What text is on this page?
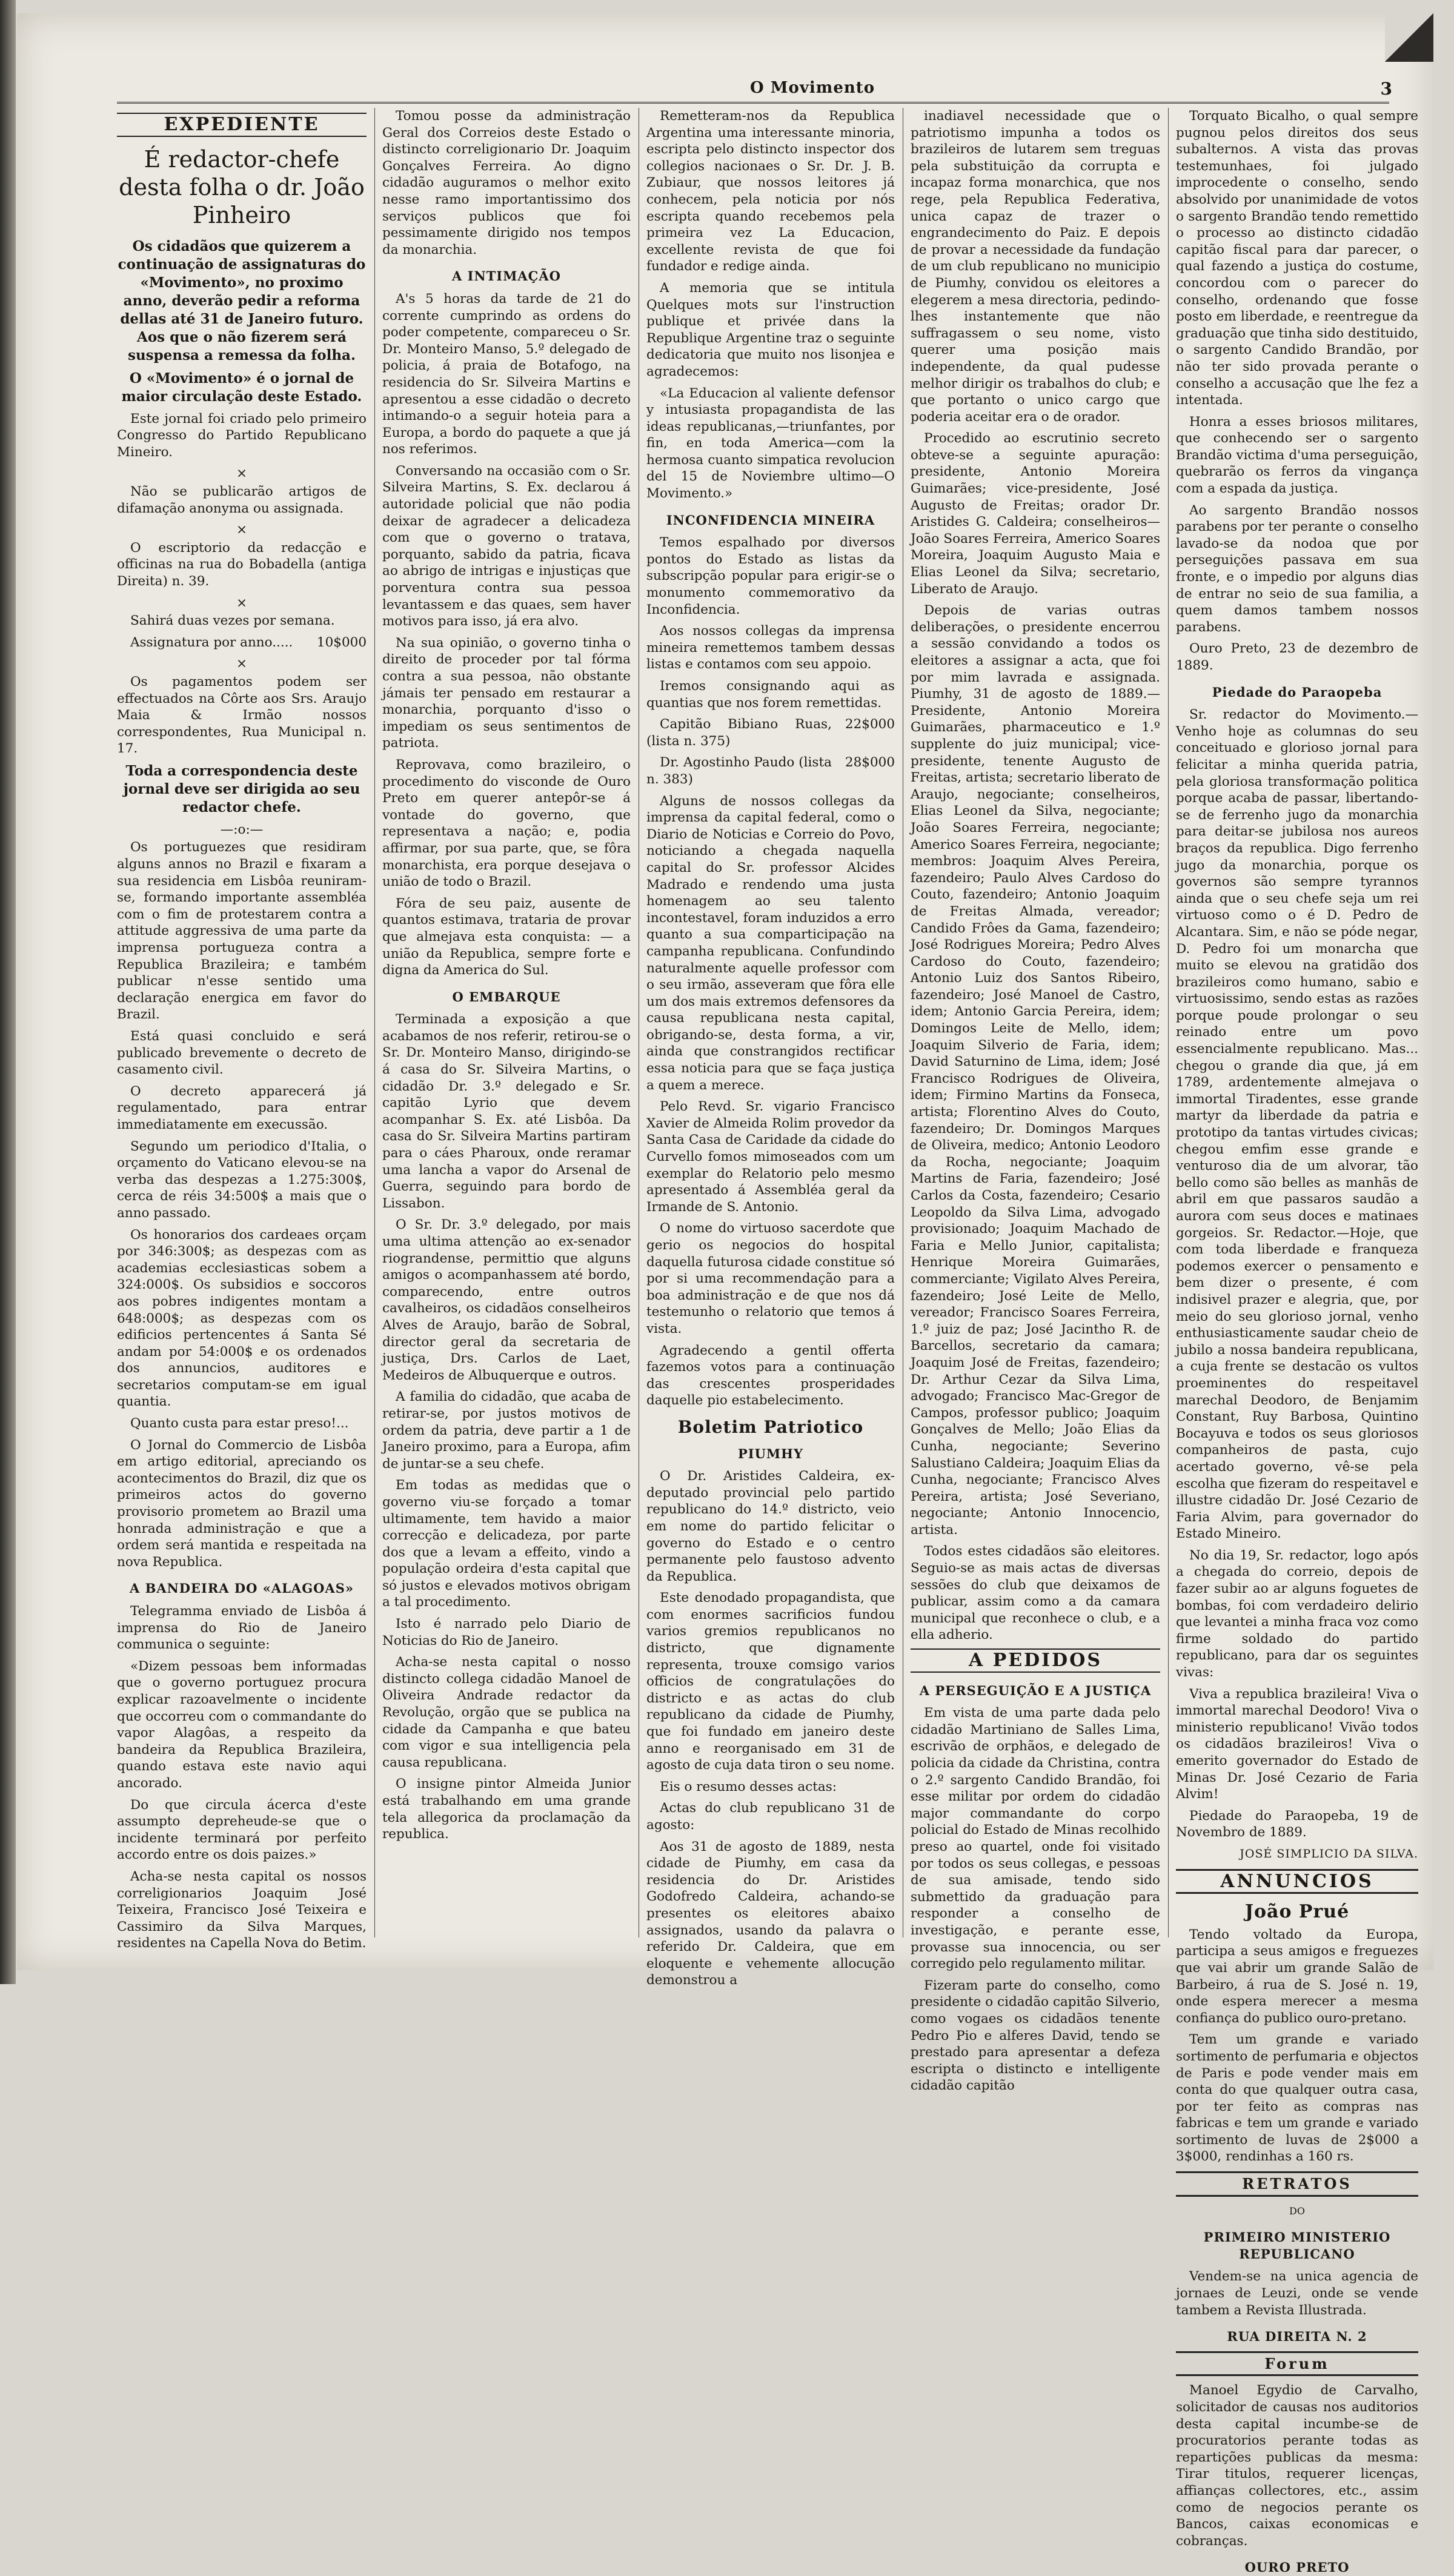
O Movimento	3
EXPEDIENTE
É redactor-chefe desta folha o dr. João Pinheiro

Os cidadãos que quizerem a continuação de assignaturas do «Movimento», no proximo anno, deverão pedir a reforma dellas até 31 de Janeiro futuro. Aos que o não fizerem será suspensa a remessa da folha.

O «Movimento» é o jornal de maior circulação deste Estado.

Este jornal foi criado pelo primeiro Congresso do Partido Republicano Mineiro.

×

Não se publicarão artigos de difamação anonyma ou assignada.

×

O escriptorio da redacção e officinas na rua do Bobadella (antiga Direita) n. 39.

×

Sahirá duas vezes por semana.

Assignatura por anno.....	10$000

×

Os pagamentos podem ser effectuados na Côrte aos Srs. Araujo Maia & Irmão nossos correspondentes, Rua Municipal n. 17.

Toda a correspondencia deste jornal deve ser dirigida ao seu redactor chefe.

—:o:—

Os portuguezes que residiram alguns annos no Brazil e fixaram a sua residencia em Lisbôa reuniram-se, formando importante assembléa com o fim de protestarem contra a attitude aggressiva de uma parte da imprensa portugueza contra a Republica Brazileira; e também publicar n'esse sentido uma declaração energica em favor do Brazil.

Está quasi concluido e será publicado brevemente o decreto de casamento civil.

O decreto apparecerá já regulamentado, para entrar immediatamente em execussão.

Segundo um periodico d'Italia, o orçamento do Vaticano elevou-se na verba das despezas a 1.275:300$, cerca de réis 34:500$ a mais que o anno passado.

Os honorarios dos cardeaes orçam por 346:300$; as despezas com as academias ecclesiasticas sobem a 324:000$. Os subsidios e soccoros aos pobres indigentes montam a 648:000$; as despezas com os edificios pertencentes á Santa Sé andam por 54:000$ e os ordenados dos annuncios, auditores e secretarios computam-se em igual quantia.

Quanto custa para estar preso!...

O Jornal do Commercio de Lisbôa em artigo editorial, apreciando os acontecimentos do Brazil, diz que os primeiros actos do governo provisorio prometem ao Brazil uma honrada administração e que a ordem será mantida e respeitada na nova Republica.

A BANDEIRA DO «ALAGOAS»

Telegramma enviado de Lisbôa á imprensa do Rio de Janeiro communica o seguinte:

«Dizem pessoas bem informadas que o governo portuguez procura explicar razoavelmente o incidente que occorreu com o commandante do vapor Alagôas, a respeito da bandeira da Republica Brazileira, quando estava este navio aqui ancorado.

Do que circula ácerca d'este assumpto depreheude-se que o incidente terminará por perfeito accordo entre os dois paizes.»

Acha-se nesta capital os nossos correligionarios Joaquim José Teixeira, Francisco José Teixeira e Cassimiro da Silva Marques, residentes na Capella Nova do Betim.

Tomou posse da administração Geral dos Correios deste Estado o distincto correligionario Dr. Joaquim Gonçalves Ferreira. Ao digno cidadão auguramos o melhor exito nesse ramo importantissimo dos serviços publicos que foi pessimamente dirigido nos tempos da monarchia.

A INTIMAÇÃO

A's 5 horas da tarde de 21 do corrente cumprindo as ordens do poder competente, compareceu o Sr. Dr. Monteiro Manso, 5.º delegado de policia, á praia de Botafogo, na residencia do Sr. Silveira Martins e apresentou a esse cidadão o decreto intimando-o a seguir hoteia para a Europa, a bordo do paquete a que já nos referimos.

Conversando na occasião com o Sr. Silveira Martins, S. Ex. declarou á autoridade policial que não podia deixar de agradecer a delicadeza com que o governo o tratava, porquanto, sabido da patria, ficava ao abrigo de intrigas e injustiças que porventura contra sua pessoa levantassem e das quaes, sem haver motivos para isso, já era alvo.

Na sua opinião, o governo tinha o direito de proceder por tal fórma contra a sua pessoa, não obstante jámais ter pensado em restaurar a monarchia, porquanto d'isso o impediam os seus sentimentos de patriota.

Reprovava, como brazileiro, o procedimento do visconde de Ouro Preto em querer antepôr-se á vontade do governo, que representava a nação; e, podia affirmar, por sua parte, que, se fôra monarchista, era porque desejava o união de todo o Brazil.

Fóra de seu paiz, ausente de quantos estimava, trataria de provar que almejava esta conquista: — a união da Republica, sempre forte e digna da America do Sul.

O EMBARQUE

Terminada a exposição a que acabamos de nos referir, retirou-se o Sr. Dr. Monteiro Manso, dirigindo-se á casa do Sr. Silveira Martins, o cidadão Dr. 3.º delegado e Sr. capitão Lyrio que devem acompanhar S. Ex. até Lisbôa. Da casa do Sr. Silveira Martins partiram para o cáes Pharoux, onde reramar uma lancha a vapor do Arsenal de Guerra, seguindo para bordo de Lissabon.

O Sr. Dr. 3.º delegado, por mais uma ultima attenção ao ex-senador riograndense, permittio que alguns amigos o acompanhassem até bordo, comparecendo, entre outros cavalheiros, os cidadãos conselheiros Alves de Araujo, barão de Sobral, director geral da secretaria de justiça, Drs. Carlos de Laet, Medeiros de Albuquerque e outros.

A familia do cidadão, que acaba de retirar-se, por justos motivos de ordem da patria, deve partir a 1 de Janeiro proximo, para a Europa, afim de juntar-se a seu chefe.

Em todas as medidas que o governo viu-se forçado a tomar ultimamente, tem havido a maior correcção e delicadeza, por parte dos que a levam a effeito, vindo a população ordeira d'esta capital que só justos e elevados motivos obrigam a tal procedimento.

Isto é narrado pelo Diario de Noticias do Rio de Janeiro.

Acha-se nesta capital o nosso distincto collega cidadão Manoel de Oliveira Andrade redactor da Revolução, orgão que se publica na cidade da Campanha e que bateu com vigor e sua intelligencia pela causa republicana.

O insigne pintor Almeida Junior está trabalhando em uma grande tela allegorica da proclamação da republica.

Remetteram-nos da Republica Argentina uma interessante minoria, escripta pelo distincto inspector dos collegios nacionaes o Sr. Dr. J. B. Zubiaur, que nossos leitores já conhecem, pela noticia por nós escripta quando recebemos pela primeira vez La Educacion, excellente revista de que foi fundador e redige ainda.

A memoria que se intitula Quelques mots sur l'instruction publique et privée dans la Republique Argentine traz o seguinte dedicatoria que muito nos lisonjea e agradecemos:

«La Educacion al valiente defensor y intusiasta propagandista de las ideas republicanas,—triunfantes, por fin, en toda America—com la hermosa cuanto simpatica revolucion del 15 de Noviembre ultimo—O Movimento.»

INCONFIDENCIA MINEIRA

Temos espalhado por diversos pontos do Estado as listas da subscripção popular para erigir-se o monumento commemorativo da Inconfidencia.

Aos nossos collegas da imprensa mineira remettemos tambem dessas listas e contamos com seu appoio.

Iremos consignando aqui as quantias que nos forem remettidas.

Capitão Bibiano Ruas, (lista n. 375)
22$000

Dr. Agostinho Paudo (lista n. 383)
28$000

Alguns de nossos collegas da imprensa da capital federal, como o Diario de Noticias e Correio do Povo, noticiando a chegada naquella capital do Sr. professor Alcides Madrado e rendendo uma justa homenagem ao seu talento incontestavel, foram induzidos a erro quanto a sua comparticipação na campanha republicana. Confundindo naturalmente aquelle professor com o seu irmão, asseveram que fôra elle um dos mais extremos defensores da causa republicana nesta capital, obrigando-se, desta forma, a vir, ainda que constrangidos rectificar essa noticia para que se faça justiça a quem a merece.

Pelo Revd. Sr. vigario Francisco Xavier de Almeida Rolim provedor da Santa Casa de Caridade da cidade do Curvello fomos mimoseados com um exemplar do Relatorio pelo mesmo apresentado á Assembléa geral da Irmande de S. Antonio.

O nome do virtuoso sacerdote que gerio os negocios do hospital daquella futurosa cidade constitue só por si uma recommendação para a boa administração e de que nos dá testemunho o relatorio que temos á vista.

Agradecendo a gentil offerta fazemos votos para a continuação das crescentes prosperidades daquelle pio estabelecimento.

Boletim Patriotico
PIUMHY

O Dr. Aristides Caldeira, ex-deputado provincial pelo partido republicano do 14.º districto, veio em nome do partido felicitar o governo do Estado e o centro permanente pelo faustoso advento da Republica.

Este denodado propagandista, que com enormes sacrificios fundou varios gremios republicanos no districto, que dignamente representa, trouxe comsigo varios officios de congratulações do districto e as actas do club republicano da cidade de Piumhy, que foi fundado em janeiro deste anno e reorganisado em 31 de agosto de cuja data tiron o seu nome.

Eis o resumo desses actas:

Actas do club republicano 31 de agosto:

Aos 31 de agosto de 1889, nesta cidade de Piumhy, em casa da residencia do Dr. Aristides Godofredo Caldeira, achando-se presentes os eleitores abaixo assignados, usando da palavra o referido Dr. Caldeira, que em eloquente e vehemente allocução demonstrou a

inadiavel necessidade que o patriotismo impunha a todos os brazileiros de lutarem sem treguas pela substituição da corrupta e incapaz forma monarchica, que nos rege, pela Republica Federativa, unica capaz de trazer o engrandecimento do Paiz. E depois de provar a necessidade da fundação de um club republicano no municipio de Piumhy, convidou os eleitores a elegerem a mesa directoria, pedindo-lhes instantemente que não suffragassem o seu nome, visto querer uma posição mais independente, da qual pudesse melhor dirigir os trabalhos do club; e que portanto o unico cargo que poderia aceitar era o de orador.

Procedido ao escrutinio secreto obteve-se a seguinte apuração: presidente, Antonio Moreira Guimarães; vice-presidente, José Augusto de Freitas; orador Dr. Aristides G. Caldeira; conselheiros—João Soares Ferreira, Americo Soares Moreira, Joaquim Augusto Maia e Elias Leonel da Silva; secretario, Liberato de Araujo.

Depois de varias outras deliberações, o presidente encerrou a sessão convidando a todos os eleitores a assignar a acta, que foi por mim lavrada e assignada. Piumhy, 31 de agosto de 1889.—Presidente, Antonio Moreira Guimarães, pharmaceutico e 1.º supplente do juiz municipal; vice-presidente, tenente Augusto de Freitas, artista; secretario liberato de Araujo, negociante; conselheiros, Elias Leonel da Silva, negociante; João Soares Ferreira, negociante; Americo Soares Ferreira, negociante; membros: Joaquim Alves Pereira, fazendeiro; Paulo Alves Cardoso do Couto, fazendeiro; Antonio Joaquim de Freitas Almada, vereador; Candido Frôes da Gama, fazendeiro; José Rodrigues Moreira; Pedro Alves Cardoso do Couto, fazendeiro; Antonio Luiz dos Santos Ribeiro, fazendeiro; José Manoel de Castro, idem; Antonio Garcia Pereira, idem; Domingos Leite de Mello, idem; Joaquim Silverio de Faria, idem; David Saturnino de Lima, idem; José Francisco Rodrigues de Oliveira, idem; Firmino Martins da Fonseca, artista; Florentino Alves do Couto, fazendeiro; Dr. Domingos Marques de Oliveira, medico; Antonio Leodoro da Rocha, negociante; Joaquim Martins de Faria, fazendeiro; José Carlos da Costa, fazendeiro; Cesario Leopoldo da Silva Lima, advogado provisionado; Joaquim Machado de Faria e Mello Junior, capitalista; Henrique Moreira Guimarães, commerciante; Vigilato Alves Pereira, fazendeiro; José Leite de Mello, vereador; Francisco Soares Ferreira, 1.º juiz de paz; José Jacintho R. de Barcellos, secretario da camara; Joaquim José de Freitas, fazendeiro; Dr. Arthur Cezar da Silva Lima, advogado; Francisco Mac-Gregor de Campos, professor publico; Joaquim Gonçalves de Mello; João Elias da Cunha, negociante; Severino Salustiano Caldeira; Joaquim Elias da Cunha, negociante; Francisco Alves Pereira, artista; José Severiano, negociante; Antonio Innocencio, artista.

Todos estes cidadãos são eleitores. Seguio-se as mais actas de diversas sessões do club que deixamos de publicar, assim como a da camara municipal que reconhece o club, e a ella adherio.

A PEDIDOS
A PERSEGUIÇÃO E A JUSTIÇA

Em vista de uma parte dada pelo cidadão Martiniano de Salles Lima, escrivão de orphãos, e delegado de policia da cidade da Christina, contra o 2.º sargento Candido Brandão, foi esse militar por ordem do cidadão major commandante do corpo policial do Estado de Minas recolhido preso ao quartel, onde foi visitado por todos os seus collegas, e pessoas de sua amisade, tendo sido submettido da graduação para responder a conselho de investigação, e perante esse, provasse sua innocencia, ou ser corregido pelo regulamento militar.

Fizeram parte do conselho, como presidente o cidadão capitão Silverio, como vogaes os cidadãos tenente Pedro Pio e alferes David, tendo se prestado para apresentar a defeza escripta o distincto e intelligente cidadão capitão

Torquato Bicalho, o qual sempre pugnou pelos direitos dos seus subalternos. A vista das provas testemunhaes, foi julgado improcedente o conselho, sendo absolvido por unanimidade de votos o sargento Brandão tendo remettido o processo ao distincto cidadão capitão fiscal para dar parecer, o qual fazendo a justiça do costume, concordou com o parecer do conselho, ordenando que fosse posto em liberdade, e reentregue da graduação que tinha sido destituido, o sargento Candido Brandão, por não ter sido provada perante o conselho a accusação que lhe fez a intentada.

Honra a esses briosos militares, que conhecendo ser o sargento Brandão victima d'uma perseguição, quebrarão os ferros da vingança com a espada da justiça.

Ao sargento Brandão nossos parabens por ter perante o conselho lavado-se da nodoa que por perseguições passava em sua fronte, e o impedio por alguns dias de entrar no seio de sua familia, a quem damos tambem nossos parabens.

Ouro Preto, 23 de dezembro de 1889.

Piedade do Paraopeba

Sr. redactor do Movimento.—Venho hoje as columnas do seu conceituado e glorioso jornal para felicitar a minha querida patria, pela gloriosa transformação politica porque acaba de passar, libertando-se de ferrenho jugo da monarchia para deitar-se jubilosa nos aureos braços da republica. Digo ferrenho jugo da monarchia, porque os governos são sempre tyrannos ainda que o seu chefe seja um rei virtuoso como o é D. Pedro de Alcantara. Sim, e não se póde negar, D. Pedro foi um monarcha que muito se elevou na gratidão dos brazileiros como humano, sabio e virtuosissimo, sendo estas as razões porque poude prolongar o seu reinado entre um povo essencialmente republicano. Mas... chegou o grande dia que, já em 1789, ardentemente almejava o immortal Tiradentes, esse grande martyr da liberdade da patria e prototipo da tantas virtudes civicas; chegou emfim esse grande e venturoso dia de um alvorar, tão bello como são belles as manhãs de abril em que passaros saudão a aurora com seus doces e matinaes gorgeios. Sr. Redactor.—Hoje, que com toda liberdade e franqueza podemos exercer o pensamento e bem dizer o presente, é com indisivel prazer e alegria, que, por meio do seu glorioso jornal, venho enthusiasticamente saudar cheio de jubilo a nossa bandeira republicana, a cuja frente se destacão os vultos proeminentes do respeitavel marechal Deodoro, de Benjamim Constant, Ruy Barbosa, Quintino Bocayuva e todos os seus gloriosos companheiros de pasta, cujo acertado governo, vê-se pela escolha que fizeram do respeitavel e illustre cidadão Dr. José Cezario de Faria Alvim, para governador do Estado Mineiro.

No dia 19, Sr. redactor, logo após a chegada do correio, depois de fazer subir ao ar alguns foguetes de bombas, foi com verdadeiro delirio que levantei a minha fraca voz como firme soldado do partido republicano, para dar os seguintes vivas:

Viva a republica brazileira! Viva o immortal marechal Deodoro! Viva o ministerio republicano! Vivão todos os cidadãos brazileiros! Viva o emerito governador do Estado de Minas Dr. José Cezario de Faria Alvim!

Piedade do Paraopeba, 19 de Novembro de 1889.

JOSÉ SIMPLICIO DA SILVA.

ANNUNCIOS
João Prué

Tendo voltado da Europa, participa a seus amigos e freguezes que vai abrir um grande Salão de Barbeiro, á rua de S. José n. 19, onde espera merecer a mesma confiança do publico ouro-pretano.

Tem um grande e variado sortimento de perfumaria e objectos de Paris e pode vender mais em conta do que qualquer outra casa, por ter feito as compras nas fabricas e tem um grande e variado sortimento de luvas de 2$000 a 3$000, rendinhas a 160 rs.

RETRATOS
DO
PRIMEIRO MINISTERIO REPUBLICANO

Vendem-se na unica agencia de jornaes de Leuzi, onde se vende tambem a Revista Illustrada.

RUA DIREITA N. 2
Forum

Manoel Egydio de Carvalho, solicitador de causas nos auditorios desta capital incumbe-se de procuratorios perante todas as repartições publicas da mesma: Tirar titulos, requerer licenças, affianças collectores, etc., assim como de negocios perante os Bancos, caixas economicas e cobranças.

OURO PRETO
